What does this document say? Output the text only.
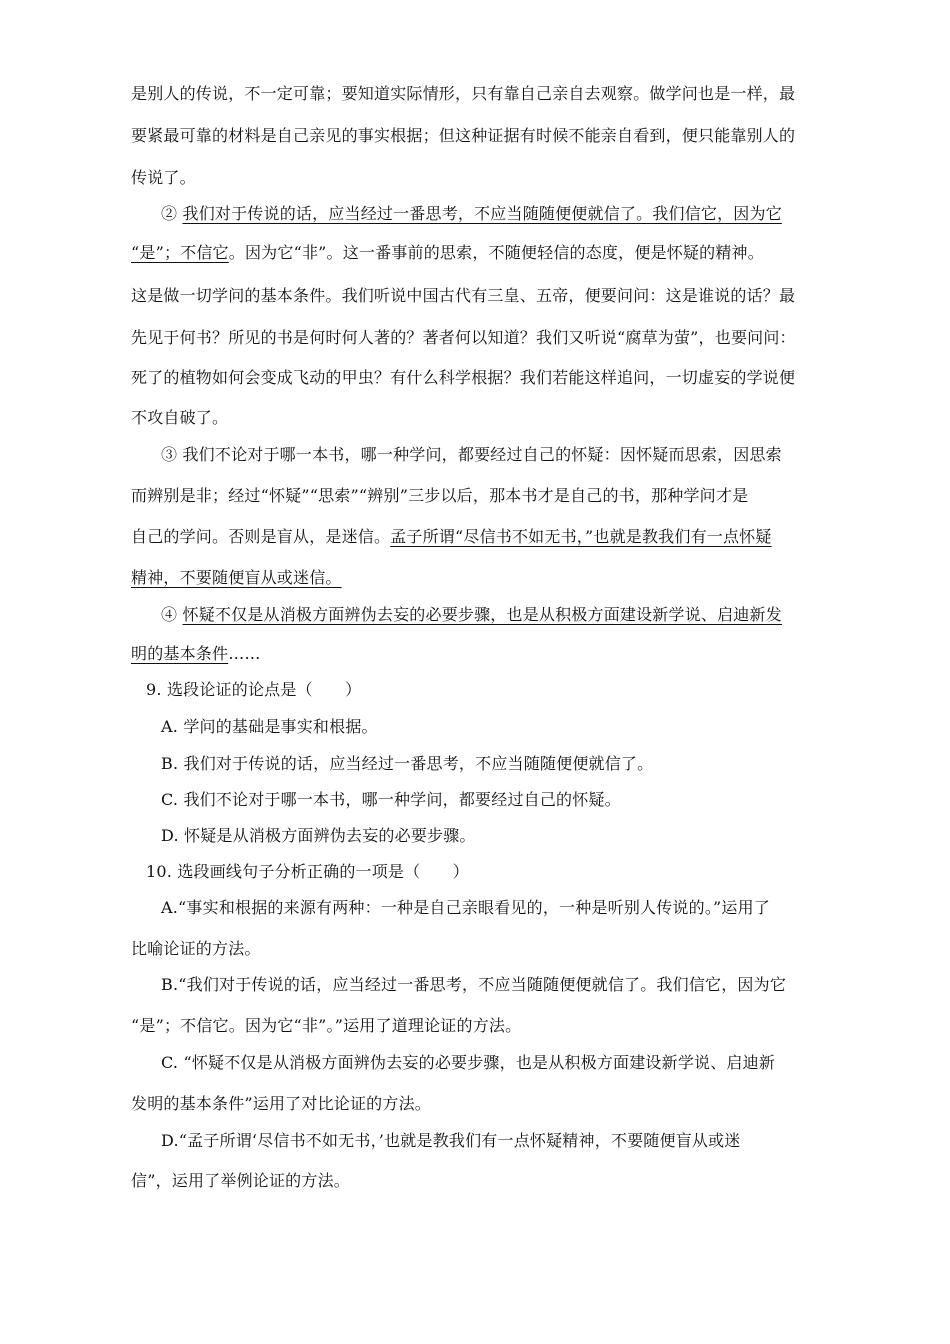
是别人的传说，不一定可靠；要知道实际情形，只有靠自己亲自去观察。做学问也是一样，最
要紧最可靠的材料是自己亲见的事实根据；但这种证据有时候不能亲自看到，便只能靠别人的
传说了。
② 我们对于传说的话，应当经过一番思考，不应当随随便便就信了。我们信它，因为它
“是”；不信它。因为它“非”。这一番事前的思索，不随便轻信的态度，便是怀疑的精神。
这是做一切学问的基本条件。我们听说中国古代有三皇、五帝，便要问问：这是谁说的话？最
先见于何书？所见的书是何时何人著的？著者何以知道？我们又听说“腐草为萤”，也要问问：
死了的植物如何会变成飞动的甲虫？有什么科学根据？我们若能这样追问，一切虚妄的学说便
不攻自破了。
③ 我们不论对于哪一本书，哪一种学问，都要经过自己的怀疑：因怀疑而思索，因思索
而辨别是非；经过“怀疑”“思索”“辨别”三步以后，那本书才是自己的书，那种学问才是
自己的学问。否则是盲从，是迷信。孟子所谓“尽信书不如无书，”也就是教我们有一点怀疑
精神，不要随便盲从或迷信。
④ 怀疑不仅是从消极方面辨伪去妄的必要步骤，也是从积极方面建设新学说、启迪新发
明的基本条件……
9. 选段论证的论点是（　　）
A. 学问的基础是事实和根据。
B. 我们对于传说的话，应当经过一番思考，不应当随随便便就信了。
C. 我们不论对于哪一本书，哪一种学问，都要经过自己的怀疑。
D. 怀疑是从消极方面辨伪去妄的必要步骤。
10. 选段画线句子分析正确的一项是（　　）
A.“事实和根据的来源有两种：一种是自己亲眼看见的，一种是听别人传说的。”运用了
比喻论证的方法。
B.“我们对于传说的话，应当经过一番思考，不应当随随便便就信了。我们信它，因为它
“是”；不信它。因为它“非”。”运用了道理论证的方法。
C. “怀疑不仅是从消极方面辨伪去妄的必要步骤，也是从积极方面建设新学说、启迪新
发明的基本条件”运用了对比论证的方法。
D.“孟子所谓‘尽信书不如无书，’也就是教我们有一点怀疑精神，不要随便盲从或迷
信”，运用了举例论证的方法。
